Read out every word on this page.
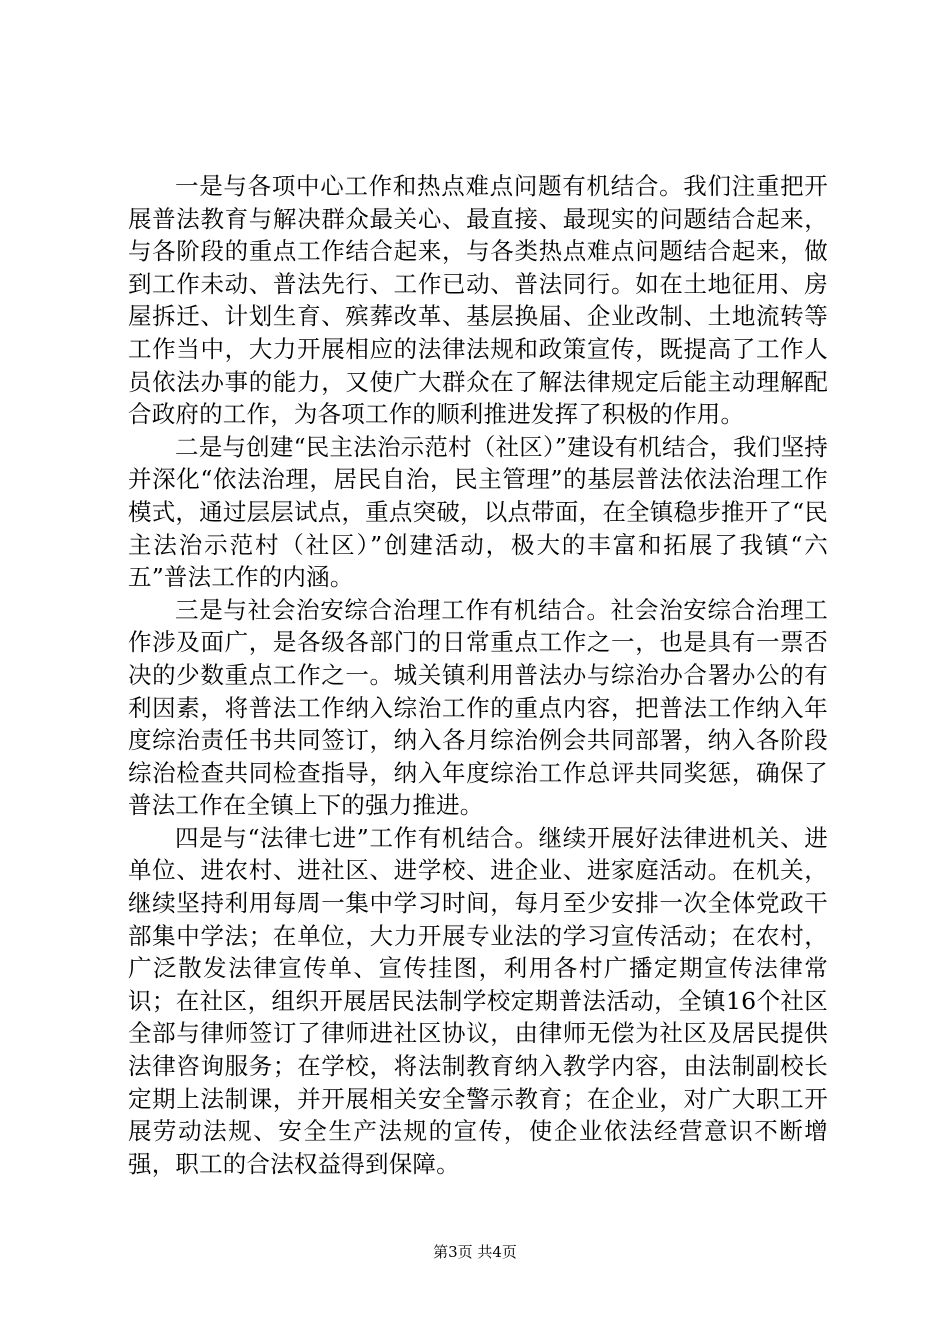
一是与各项中心工作和热点难点问题有机结合。我们注重把开展普法教育与解决群众最关心、最直接、最现实的问题结合起来，与各阶段的重点工作结合起来，与各类热点难点问题结合起来，做到工作未动、普法先行、工作已动、普法同行。如在土地征用、房屋拆迁、计划生育、殡葬改革、基层换届、企业改制、土地流转等工作当中，大力开展相应的法律法规和政策宣传，既提高了工作人员依法办事的能力，又使广大群众在了解法律规定后能主动理解配合政府的工作，为各项工作的顺利推进发挥了积极的作用。

二是与创建“民主法治示范村（社区）”建设有机结合，我们坚持并深化“依法治理，居民自治，民主管理”的基层普法依法治理工作模式，通过层层试点，重点突破，以点带面，在全镇稳步推开了“民主法治示范村（社区）”创建活动，极大的丰富和拓展了我镇“六五”普法工作的内涵。

三是与社会治安综合治理工作有机结合。社会治安综合治理工作涉及面广，是各级各部门的日常重点工作之一，也是具有一票否决的少数重点工作之一。城关镇利用普法办与综治办合署办公的有利因素，将普法工作纳入综治工作的重点内容，把普法工作纳入年度综治责任书共同签订，纳入各月综治例会共同部署，纳入各阶段综治检查共同检查指导，纳入年度综治工作总评共同奖惩，确保了普法工作在全镇上下的强力推进。

四是与“法律七进”工作有机结合。继续开展好法律进机关、进单位、进农村、进社区、进学校、进企业、进家庭活动。在机关，继续坚持利用每周一集中学习时间，每月至少安排一次全体党政干部集中学法；在单位，大力开展专业法的学习宣传活动；在农村，广泛散发法律宣传单、宣传挂图，利用各村广播定期宣传法律常识；在社区，组织开展居民法制学校定期普法活动，全镇16个社区全部与律师签订了律师进社区协议，由律师无偿为社区及居民提供法律咨询服务；在学校，将法制教育纳入教学内容，由法制副校长定期上法制课，并开展相关安全警示教育；在企业，对广大职工开展劳动法规、安全生产法规的宣传，使企业依法经营意识不断增强，职工的合法权益得到保障。

第3页 共4页
